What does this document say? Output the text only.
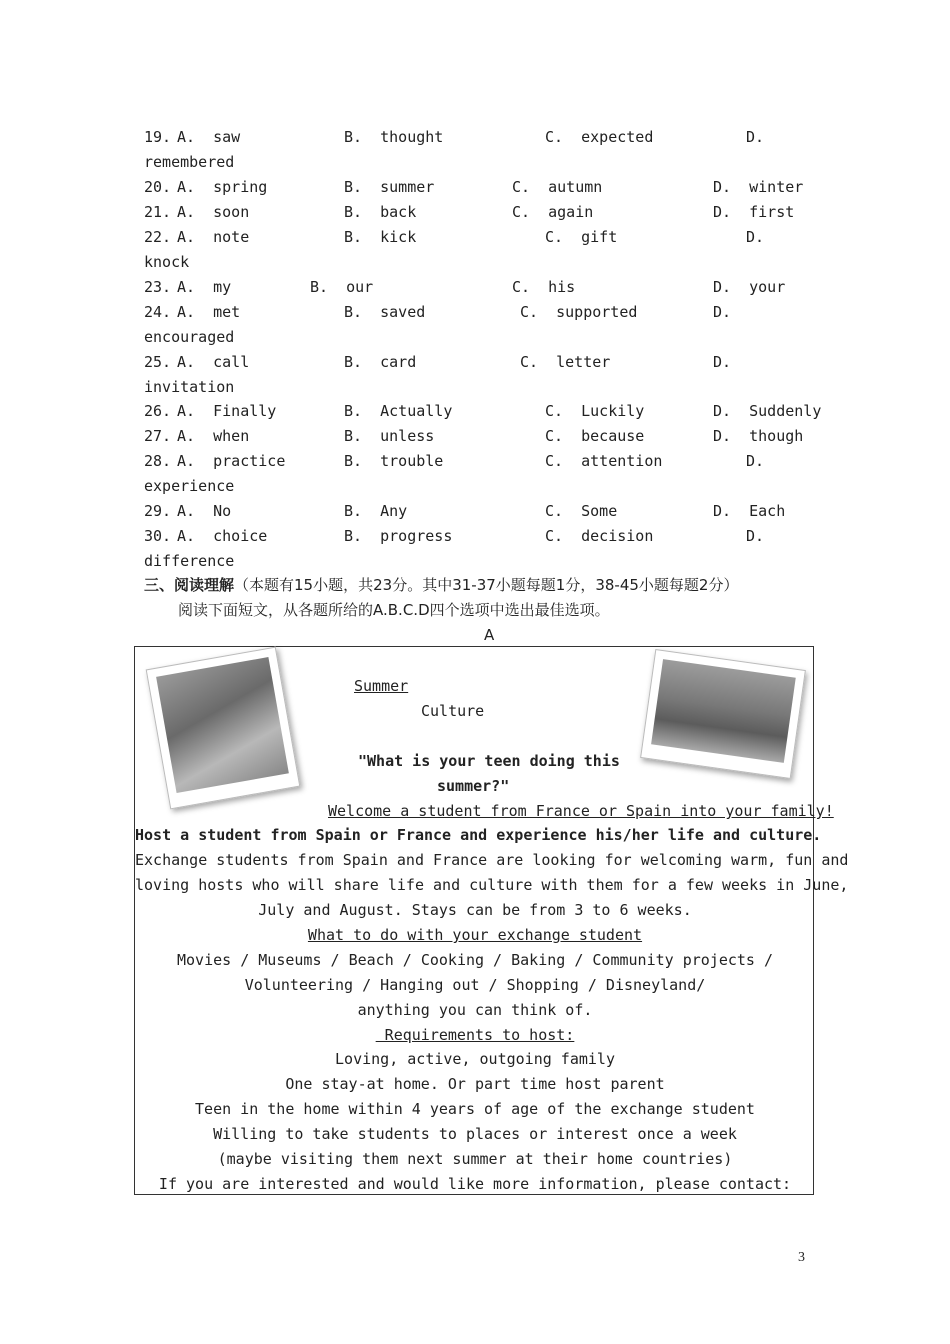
19. A.  saw	B.  thought	C.  expected	D.
remembered
20. A.  spring	B.  summer	C.  autumn	D.  winter
21. A.  soon	B.  back	C.  again	D.  first
22. A.  note	B.  kick	C.  gift	D.
knock
23. A.  my	B.  our	C.  his	D.  your
24. A.  met	B.  saved	C.  supported	D.
encouraged
25. A.  call	B.  card	C.  letter	D.
invitation
26. A.  Finally	B.  Actually	C.  Luckily	D.  Suddenly
27. A.  when	B.  unless	C.  because	D.  though
28. A.  practice	B.  trouble	C.  attention	D.
experience
29. A.  No	B.  Any	C.  Some	D.  Each
30. A.  choice	B.  progress	C.  decision	D.
difference
三、阅读理解（本题有15小题，共23分。其中31-37小题每题1分，38-45小题每题2分）
阅读下面短文，从各题所给的A.B.C.D四个选项中选出最佳选项。
A
Summer
Culture
"What is your teen doing this
summer?"
Welcome a student from France or Spain into your family!
Host a student from Spain or France and experience his/her life and culture.
Exchange students from Spain and France are looking for welcoming warm, fun and
loving hosts who will share life and culture with them for a few weeks in June,
July and August. Stays can be from 3 to 6 weeks.
What to do with your exchange student
Movies / Museums / Beach / Cooking / Baking / Community projects /
Volunteering / Hanging out / Shopping / Disneyland/
anything you can think of.
Requirements to host:
Loving, active, outgoing family
One stay-at home. Or part time host parent
Teen in the home within 4 years of age of the exchange student
Willing to take students to places or interest once a week
(maybe visiting them next summer at their home countries)
If you are interested and would like more information, please contact:
3
